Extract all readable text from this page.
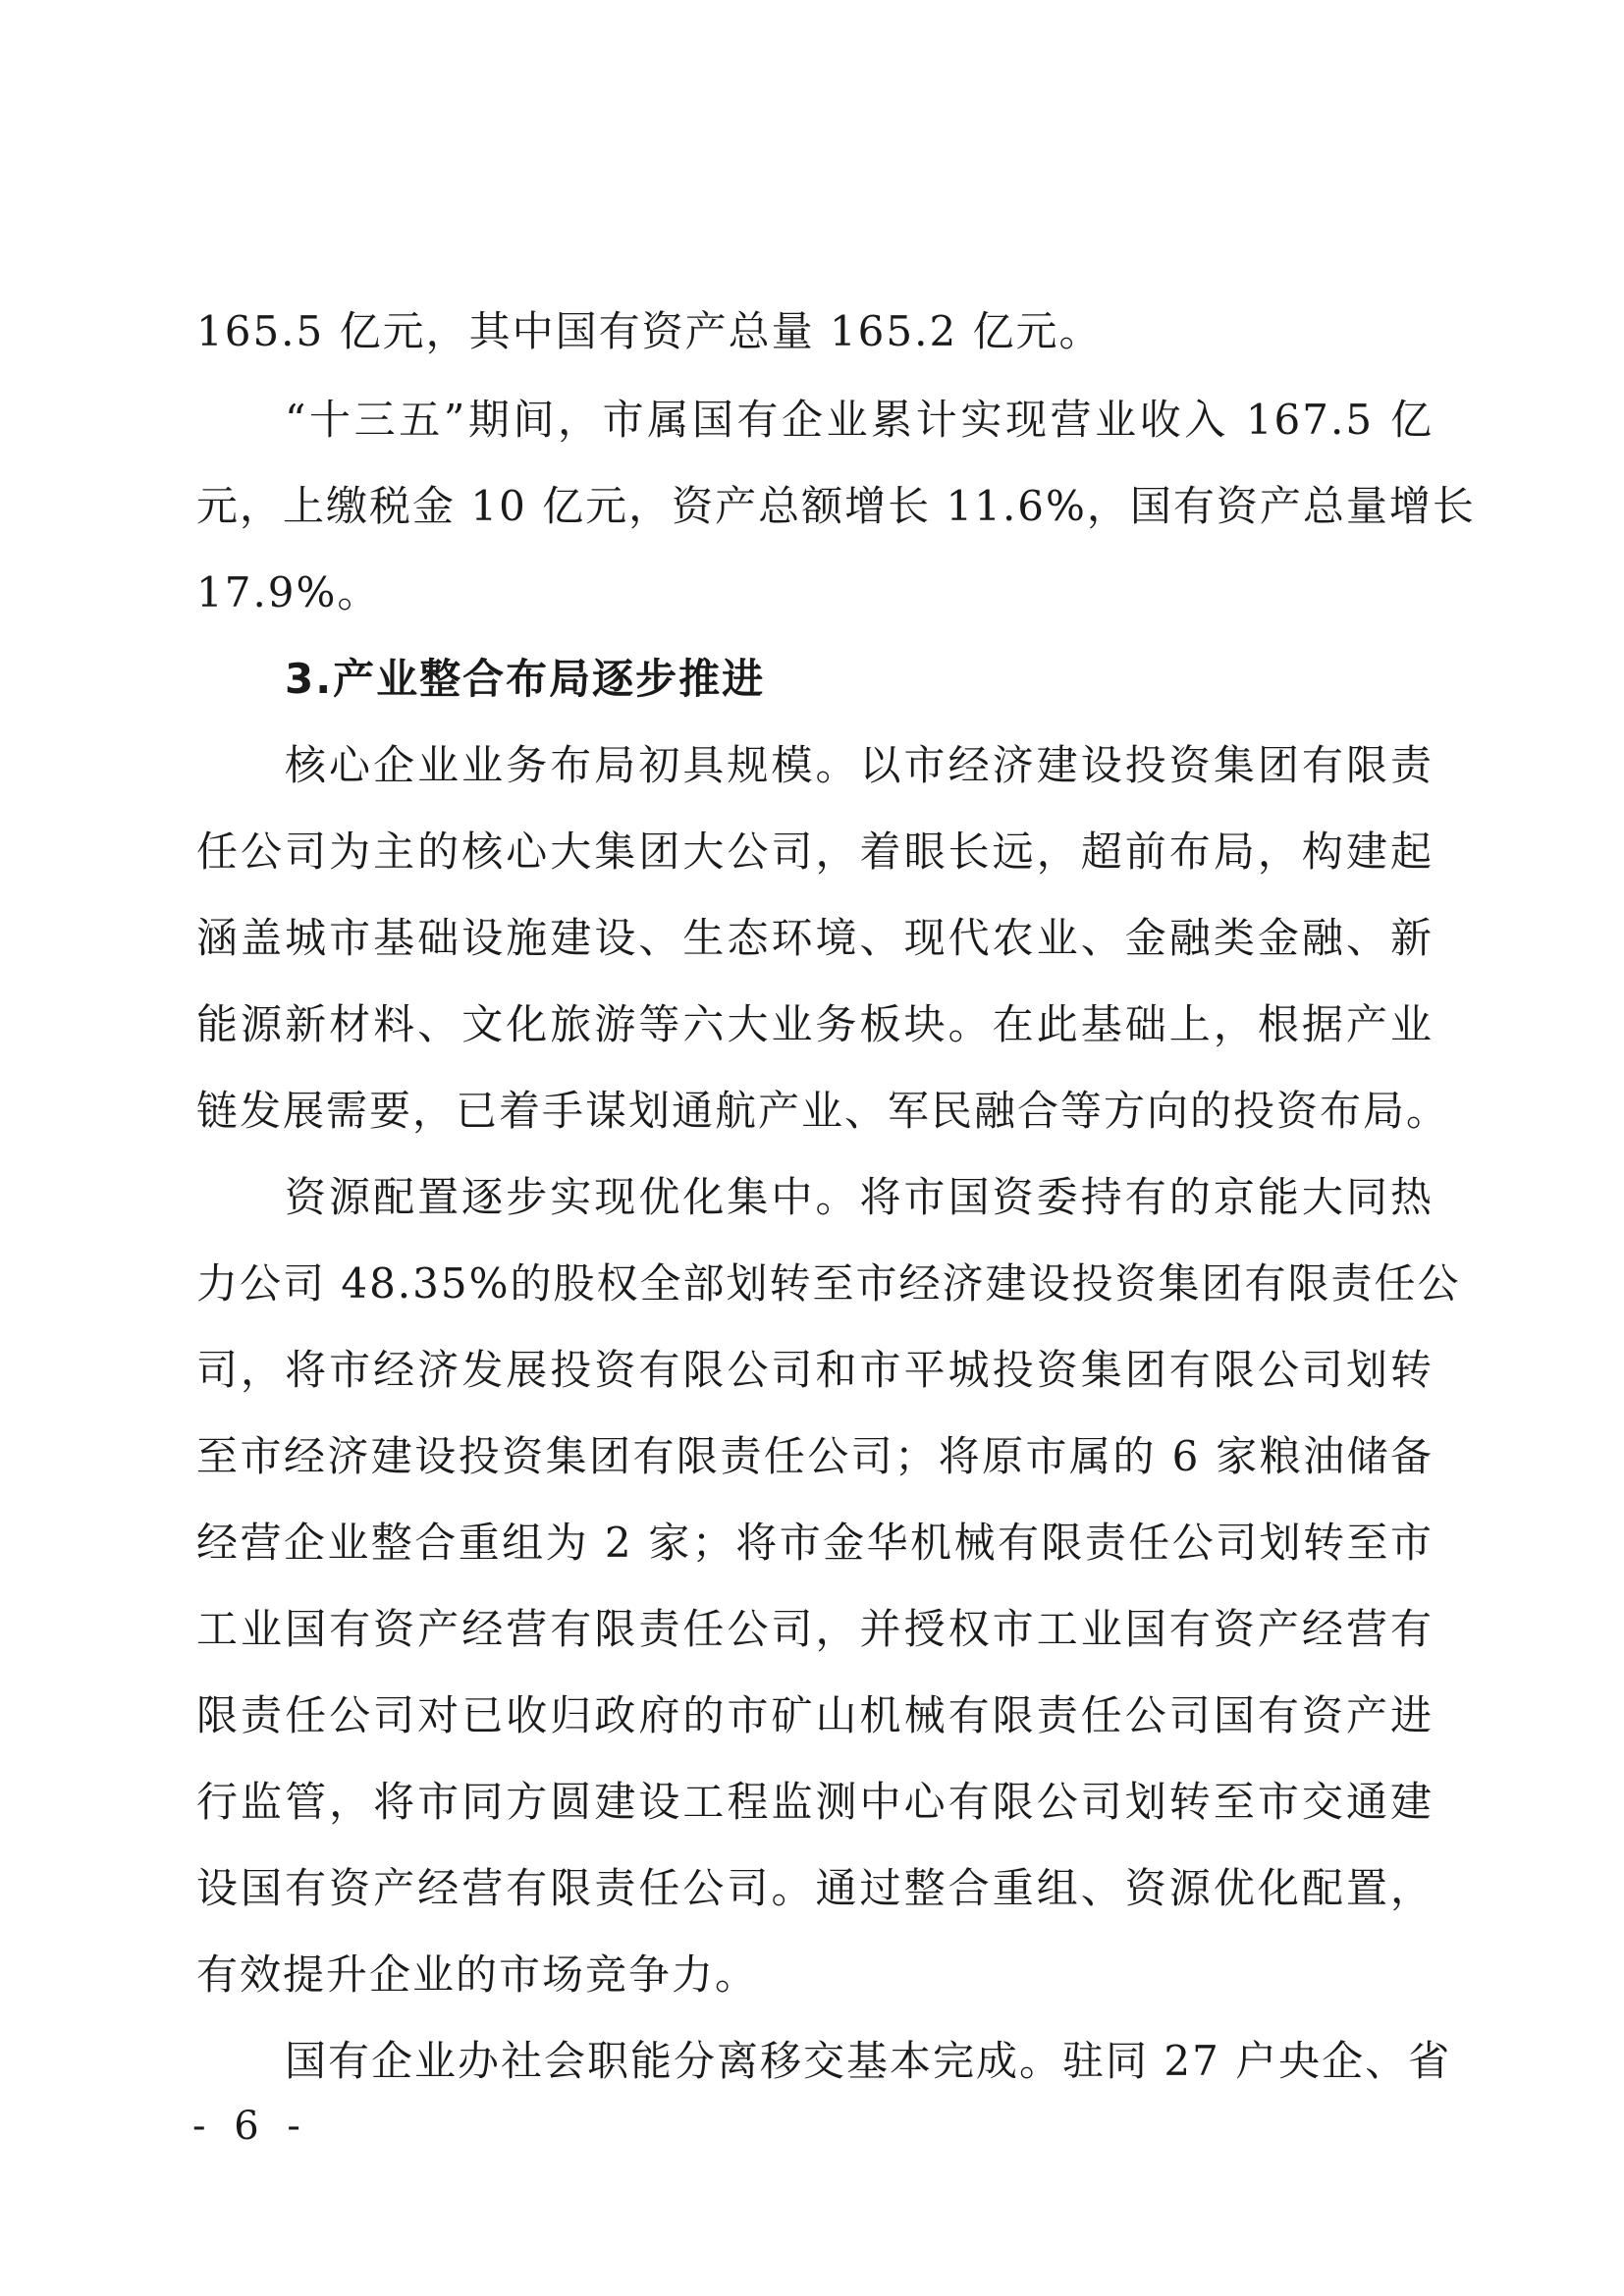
165.5 亿元，其中国有资产总量 165.2 亿元。
“十三五”期间，市属国有企业累计实现营业收入 167.5 亿
元，上缴税金 10 亿元，资产总额增长 11.6%，国有资产总量增长
17.9%。
3.产业整合布局逐步推进
核心企业业务布局初具规模。以市经济建设投资集团有限责
任公司为主的核心大集团大公司，着眼长远，超前布局，构建起
涵盖城市基础设施建设、生态环境、现代农业、金融类金融、新
能源新材料、文化旅游等六大业务板块。在此基础上，根据产业
链发展需要，已着手谋划通航产业、军民融合等方向的投资布局。
资源配置逐步实现优化集中。将市国资委持有的京能大同热
力公司 48.35%的股权全部划转至市经济建设投资集团有限责任公
司，将市经济发展投资有限公司和市平城投资集团有限公司划转
至市经济建设投资集团有限责任公司；将原市属的 6 家粮油储备
经营企业整合重组为 2 家；将市金华机械有限责任公司划转至市
工业国有资产经营有限责任公司，并授权市工业国有资产经营有
限责任公司对已收归政府的市矿山机械有限责任公司国有资产进
行监管，将市同方圆建设工程监测中心有限公司划转至市交通建
设国有资产经营有限责任公司。通过整合重组、资源优化配置，
有效提升企业的市场竞争力。
国有企业办社会职能分离移交基本完成。驻同 27 户央企、省
- 6 -
